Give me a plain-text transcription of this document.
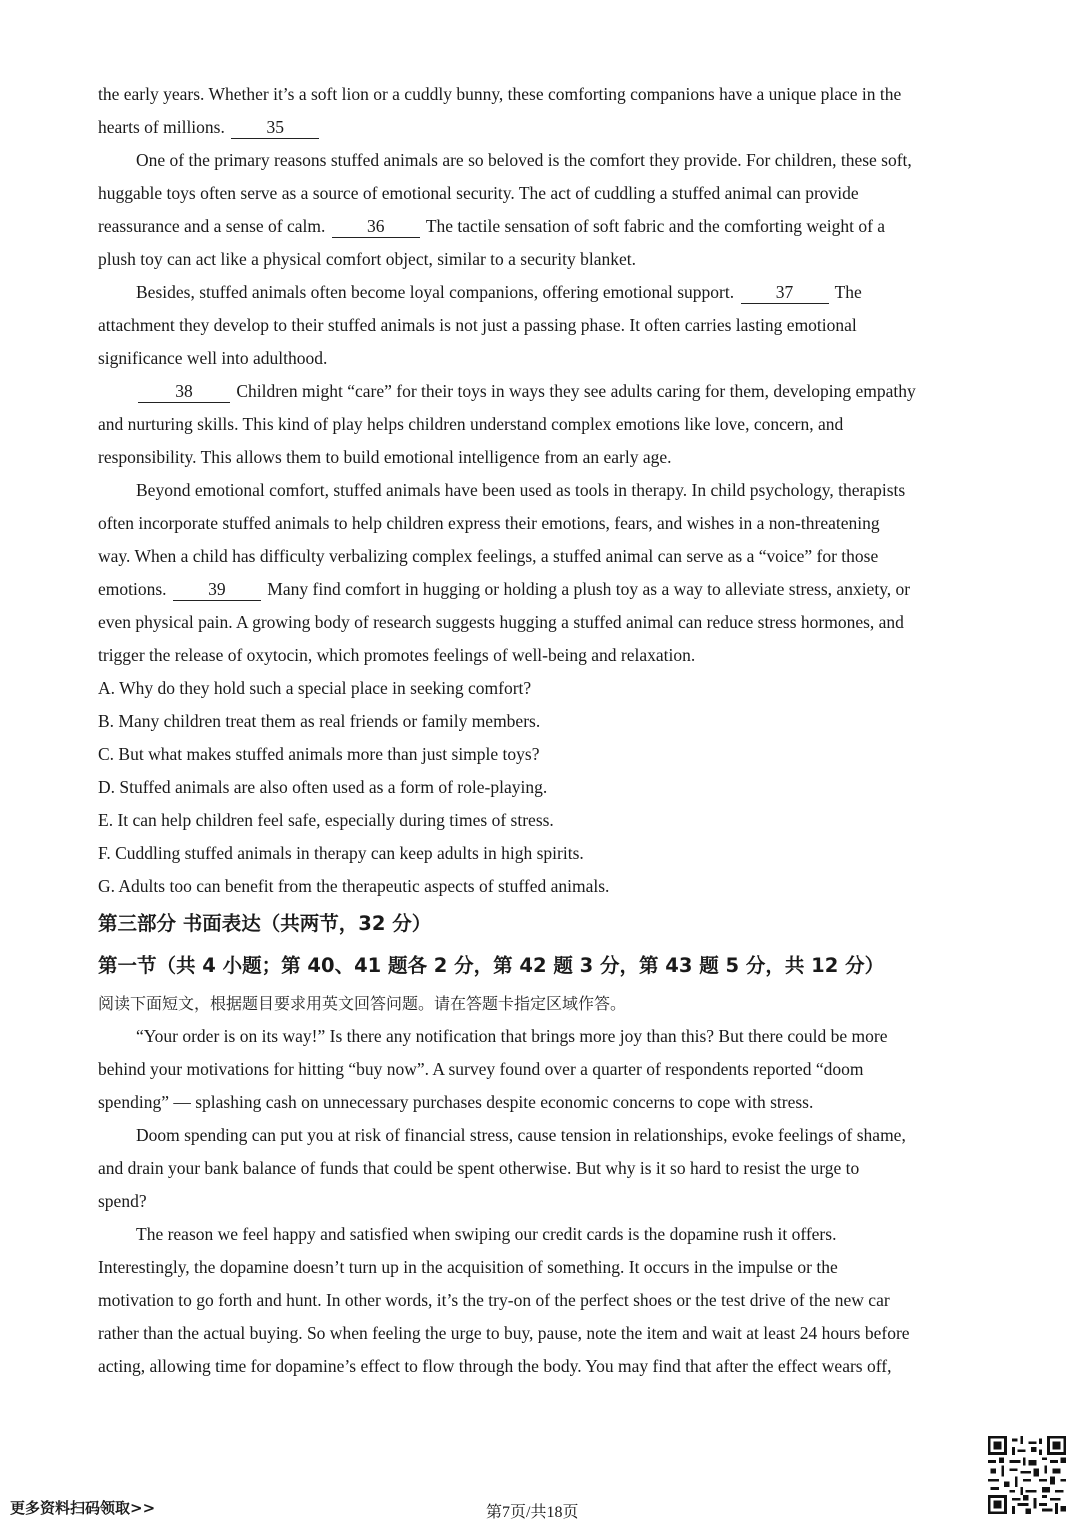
the early years. Whether it’s a soft lion or a cuddly bunny, these comforting companions have a unique place in the
hearts of millions. 35
One of the primary reasons stuffed animals are so beloved is the comfort they provide. For children, these soft,
huggable toys often serve as a source of emotional security. The act of cuddling a stuffed animal can provide
reassurance and a sense of calm. 36 The tactile sensation of soft fabric and the comforting weight of a
plush toy can act like a physical comfort object, similar to a security blanket.
Besides, stuffed animals often become loyal companions, offering emotional support. 37 The
attachment they develop to their stuffed animals is not just a passing phase. It often carries lasting emotional
significance well into adulthood.
38 Children might “care” for their toys in ways they see adults caring for them, developing empathy
and nurturing skills. This kind of play helps children understand complex emotions like love, concern, and
responsibility. This allows them to build emotional intelligence from an early age.
Beyond emotional comfort, stuffed animals have been used as tools in therapy. In child psychology, therapists
often incorporate stuffed animals to help children express their emotions, fears, and wishes in a non-threatening
way. When a child has difficulty verbalizing complex feelings, a stuffed animal can serve as a “voice” for those
emotions. 39 Many find comfort in hugging or holding a plush toy as a way to alleviate stress, anxiety, or
even physical pain. A growing body of research suggests hugging a stuffed animal can reduce stress hormones, and
trigger the release of oxytocin, which promotes feelings of well-being and relaxation.
A. Why do they hold such a special place in seeking comfort?
B. Many children treat them as real friends or family members.
C. But what makes stuffed animals more than just simple toys?
D. Stuffed animals are also often used as a form of role-playing.
E. It can help children feel safe, especially during times of stress.
F. Cuddling stuffed animals in therapy can keep adults in high spirits.
G. Adults too can benefit from the therapeutic aspects of stuffed animals.
第三部分 书面表达（共两节，32 分）
第一节（共 4 小题；第 40、41 题各 2 分，第 42 题 3 分，第 43 题 5 分，共 12 分）
阅读下面短文，根据题目要求用英文回答问题。请在答题卡指定区域作答。
“Your order is on its way!” Is there any notification that brings more joy than this? But there could be more
behind your motivations for hitting “buy now”. A survey found over a quarter of respondents reported “doom
spending” — splashing cash on unnecessary purchases despite economic concerns to cope with stress.
Doom spending can put you at risk of financial stress, cause tension in relationships, evoke feelings of shame,
and drain your bank balance of funds that could be spent otherwise. But why is it so hard to resist the urge to
spend?
The reason we feel happy and satisfied when swiping our credit cards is the dopamine rush it offers.
Interestingly, the dopamine doesn’t turn up in the acquisition of something. It occurs in the impulse or the
motivation to go forth and hunt. In other words, it’s the try-on of the perfect shoes or the test drive of the new car
rather than the actual buying. So when feeling the urge to buy, pause, note the item and wait at least 24 hours before
acting, allowing time for dopamine’s effect to flow through the body. You may find that after the effect wears off,
更多资料扫码领取>>	第7页/共18页
